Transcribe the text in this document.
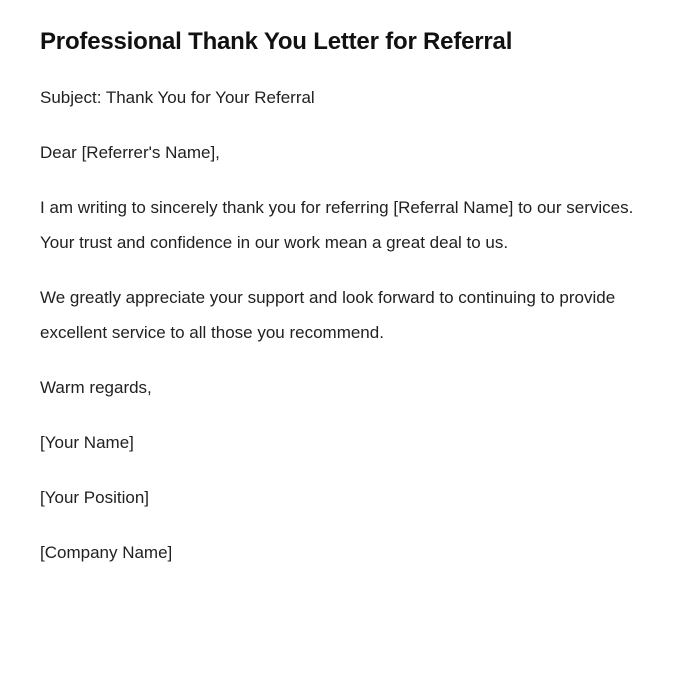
Professional Thank You Letter for Referral

Subject: Thank You for Your Referral

Dear [Referrer's Name],

I am writing to sincerely thank you for referring [Referral Name] to our services. Your trust and confidence in our work mean a great deal to us.

We greatly appreciate your support and look forward to continuing to provide excellent service to all those you recommend.

Warm regards,

[Your Name]

[Your Position]

[Company Name]
